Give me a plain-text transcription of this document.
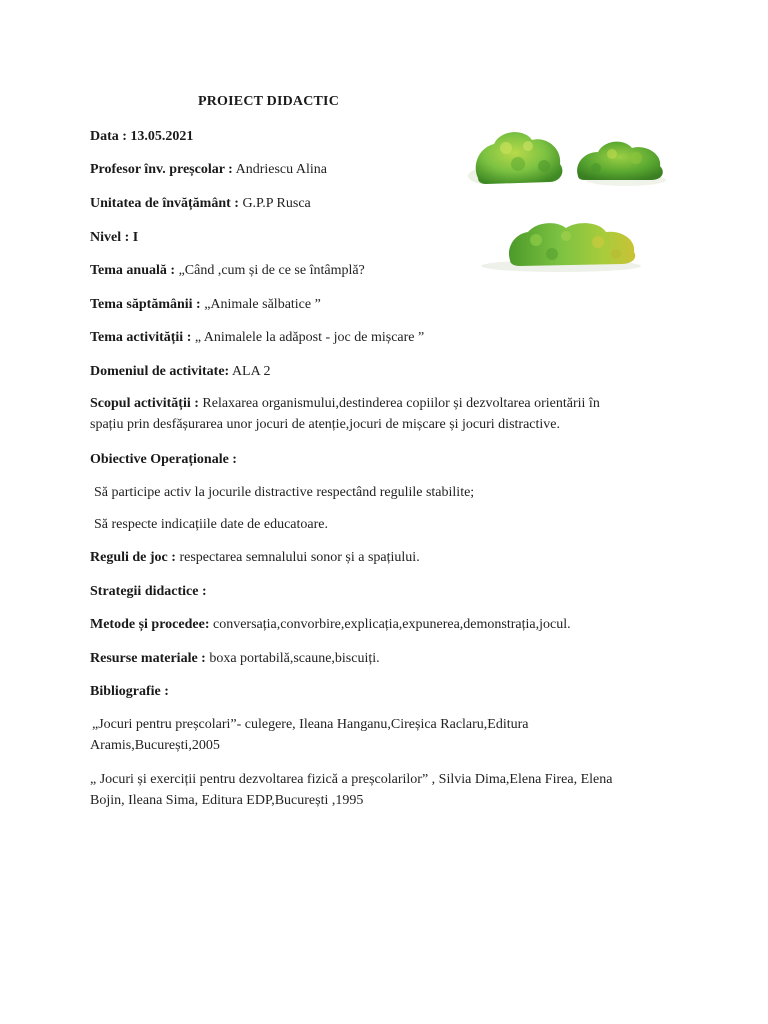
PROIECT DIDACTIC
Data : 13.05.2021
Profesor înv. preșcolar : Andriescu Alina
Unitatea de învățământ : G.P.P Rusca
Nivel : I
Tema anuală : „Când ,cum și de ce se întâmplă?
Tema săptămânii : „Animale sălbatice ”
Tema activității : „ Animalele la adăpost - joc de mișcare ”
Domeniul de activitate: ALA 2
Scopul activității : Relaxarea organismului,destinderea copiilor și dezvoltarea orientării în
spațiu prin desfășurarea unor jocuri de atenție,jocuri de mișcare și jocuri distractive.
Obiective Operaționale :
Să participe activ la jocurile distractive respectând regulile stabilite;
Să respecte indicațiile date de educatoare.
Reguli de joc : respectarea semnalului sonor și a spațiului.
Strategii didactice :
Metode și procedee: conversația,convorbire,explicația,expunerea,demonstrația,jocul.
Resurse materiale : boxa portabilă,scaune,biscuiți.
Bibliografie :
„Jocuri pentru preșcolari”- culegere, Ileana Hanganu,Cireșica Raclaru,Editura
Aramis,București,2005
„ Jocuri și exerciții pentru dezvoltarea fizică a preșcolarilor” , Silvia Dima,Elena Firea, Elena
Bojin, Ileana Sima, Editura EDP,București ,1995
